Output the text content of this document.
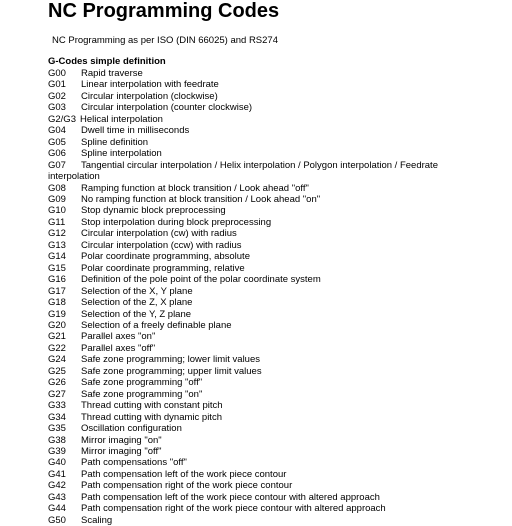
NC Programming Codes

NC Programming as per ISO (DIN 66025) and RS274

G-Codes simple definition

G00 Rapid traverse
G01 Linear interpolation with feedrate
G02 Circular interpolation (clockwise)
G03 Circular interpolation (counter clockwise)
G2/G3 Helical interpolation
G04 Dwell time in milliseconds
G05 Spline definition
G06 Spline interpolation
G07 Tangential circular interpolation / Helix interpolation / Polygon interpolation / Feedrate interpolation
G08 Ramping function at block transition / Look ahead "off"
G09 No ramping function at block transition / Look ahead "on"
G10 Stop dynamic block preprocessing
G11 Stop interpolation during block preprocessing
G12 Circular interpolation (cw) with radius
G13 Circular interpolation (ccw) with radius
G14 Polar coordinate programming, absolute
G15 Polar coordinate programming, relative
G16 Definition of the pole point of the polar coordinate system
G17 Selection of the X, Y plane
G18 Selection of the Z, X plane
G19 Selection of the Y, Z plane
G20 Selection of a freely definable plane
G21 Parallel axes "on"
G22 Parallel axes "off"
G24 Safe zone programming; lower limit values
G25 Safe zone programming; upper limit values
G26 Safe zone programming "off"
G27 Safe zone programming "on"
G33 Thread cutting with constant pitch
G34 Thread cutting with dynamic pitch
G35 Oscillation configuration
G38 Mirror imaging "on"
G39 Mirror imaging "off"
G40 Path compensations "off"
G41 Path compensation left of the work piece contour
G42 Path compensation right of the work piece contour
G43 Path compensation left of the work piece contour with altered approach
G44 Path compensation right of the work piece contour with altered approach
G50 Scaling
